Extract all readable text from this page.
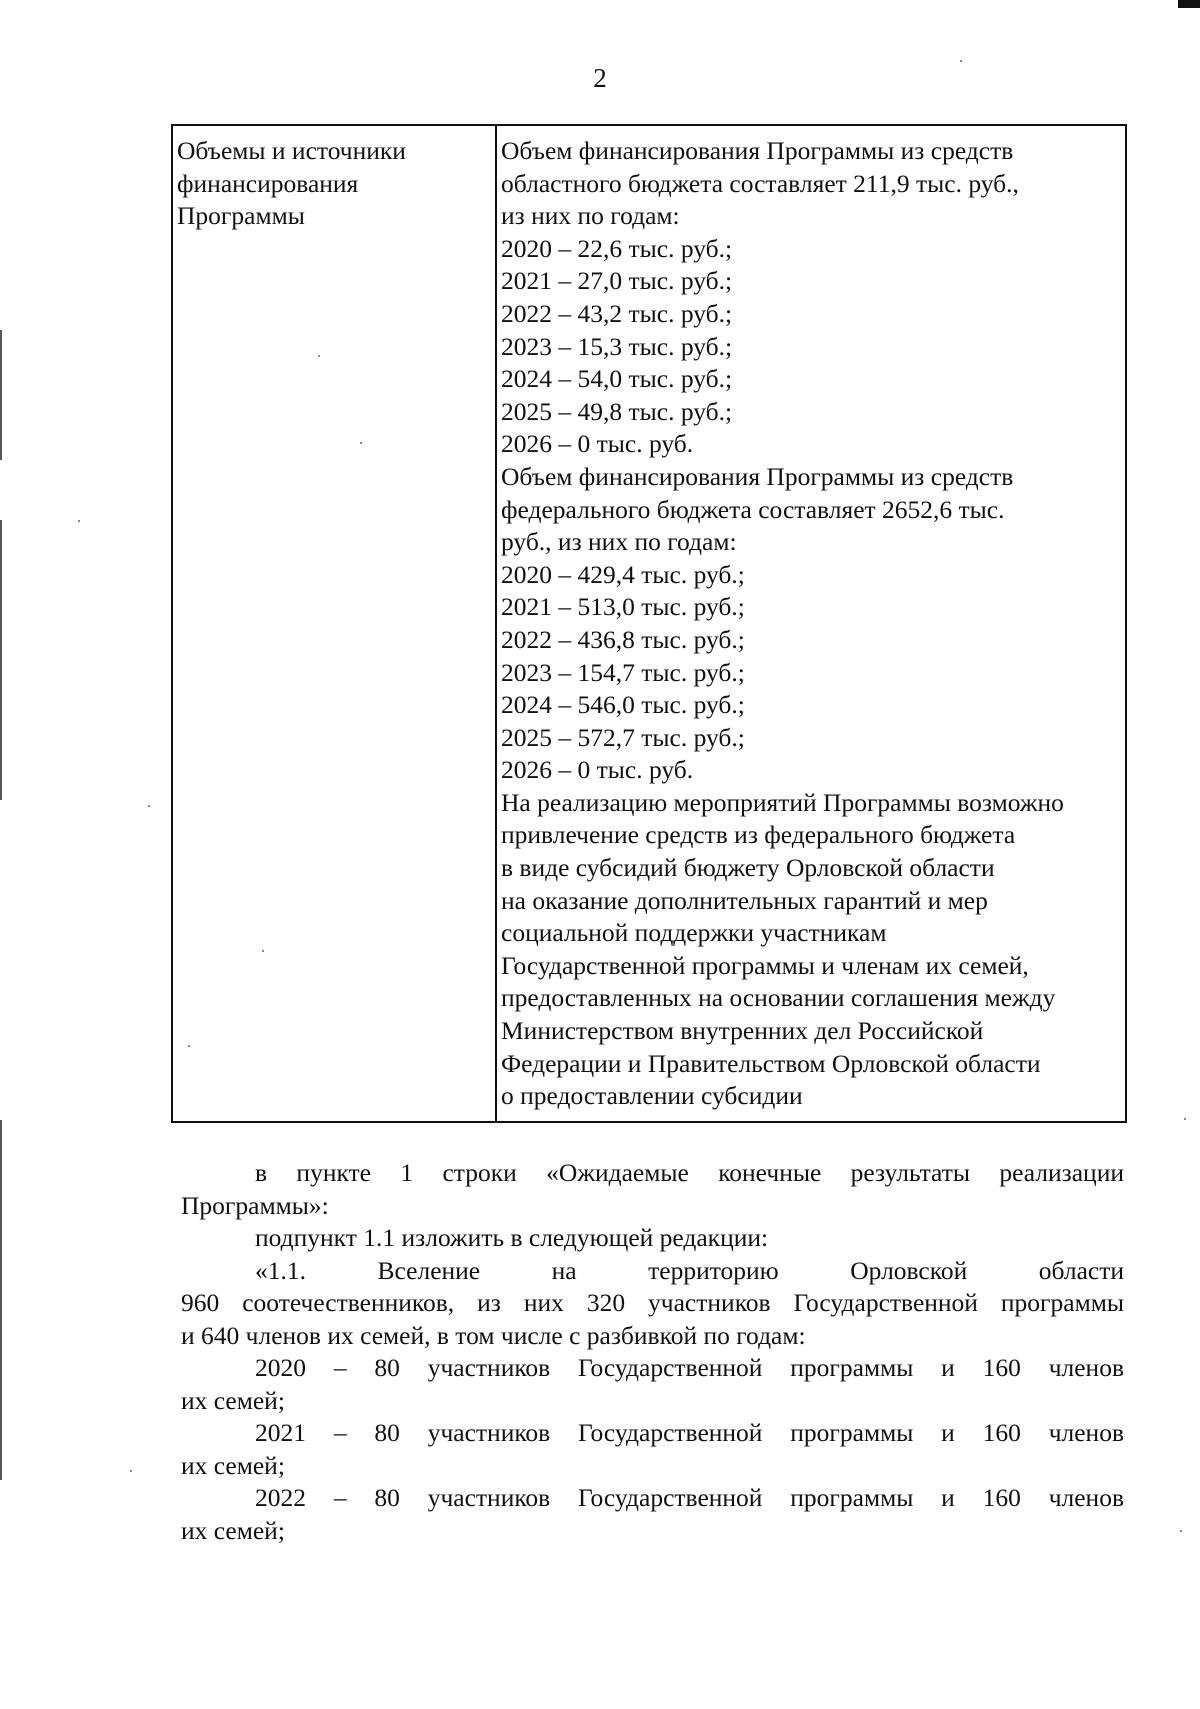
2
Объемы и источники
финансирования
Программы

Объем финансирования Программы из средств
областного бюджета составляет 211,9 тыс. руб.,
из них по годам:
2020 – 22,6 тыс. руб.;
2021 – 27,0 тыс. руб.;
2022 – 43,2 тыс. руб.;
2023 – 15,3 тыс. руб.;
2024 – 54,0 тыс. руб.;
2025 – 49,8 тыс. руб.;
2026 – 0 тыс. руб.
Объем финансирования Программы из средств
федерального бюджета составляет 2652,6 тыс.
руб., из них по годам:
2020 – 429,4 тыс. руб.;
2021 – 513,0 тыс. руб.;
2022 – 436,8 тыс. руб.;
2023 – 154,7 тыс. руб.;
2024 – 546,0 тыс. руб.;
2025 – 572,7 тыс. руб.;
2026 – 0 тыс. руб.
На реализацию мероприятий Программы возможно
привлечение средств из федерального бюджета
в виде субсидий бюджету Орловской области
на оказание дополнительных гарантий и мер
социальной поддержки участникам
Государственной программы и членам их семей,
предоставленных на основании соглашения между
Министерством внутренних дел Российской
Федерации и Правительством Орловской области
о предоставлении субсидии

в пункте 1 строки «Ожидаемые конечные результаты реализации
Программы»:

подпункт 1.1 изложить в следующей редакции:

«1.1. Вселение на территорию Орловской области
960 соотечественников, из них 320 участников Государственной программы
и 640 членов их семей, в том числе с разбивкой по годам:

2020 – 80 участников Государственной программы и 160 членов
их семей;

2021 – 80 участников Государственной программы и 160 членов
их семей;

2022 – 80 участников Государственной программы и 160 членов
их семей;
